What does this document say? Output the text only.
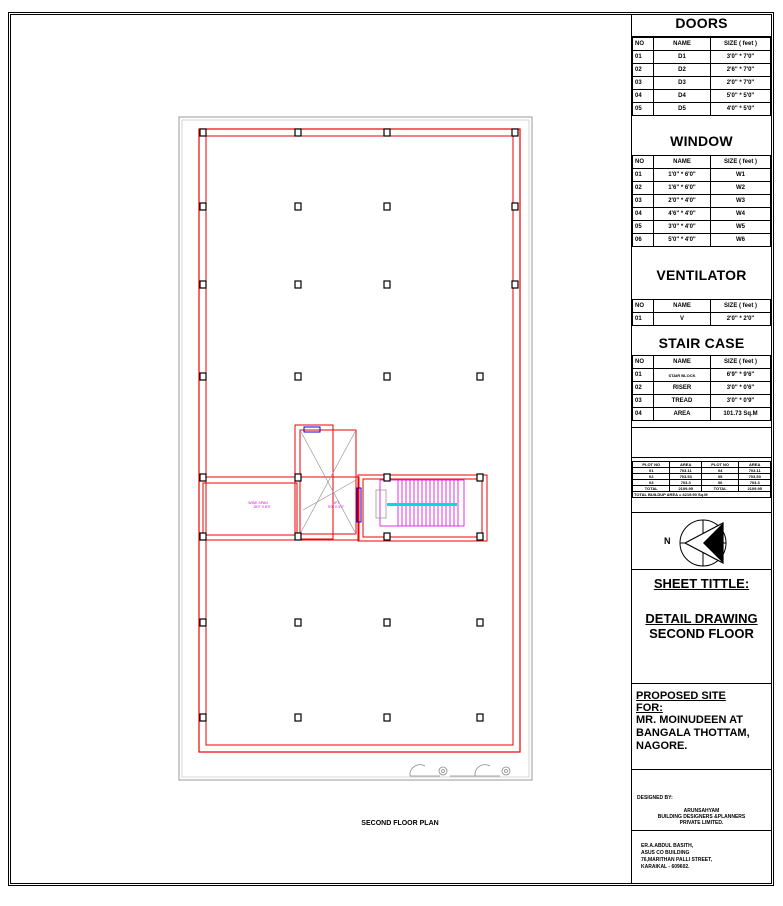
WIDE SPAN
15'0" X 8'0"
LIFT
5'0" X 5'0"
SECOND FLOOR PLAN
DOORS
NO	NAME	SIZE ( feet )
01	D1	3'0" * 7'0"
02	D2	2'6" * 7'0"
03	D3	2'0" * 7'0"
04	D4	5'0" * 5'0"
05	D5	4'0" * 5'0"
WINDOW
NO	NAME	SIZE ( feet )
01	1'0" * 6'0"	W1
02	1'6" * 6'0"	W2
03	2'0" * 4'0"	W3
04	4'6" * 4'0"	W4
05	3'0" * 4'0"	W5
06	5'0" * 4'0"	W6
VENTILATOR
NO	NAME	SIZE ( feet )
01	V	2'0" * 2'0"
STAIR CASE
NO	NAME	SIZE ( feet )
01	STAIR BLOCK	6'9" * 9'6"
02	RISER	3'0" * 0'6"
03	TREAD	3'0" * 0'9"
04	AREA	101.73 Sq.M
PLOT NO	AREA	PLOT NO	AREA
01	703.11	04	703.11
02	703.53	05	703.53
03	703.3	06	703.3
TOTAL	2109.95	TOTAL	2109.95
TOTAL BUILDUP AREA = 4219.90 Sq.M			
N
SHEET TITTLE:
DETAIL DRAWING
SECOND FLOOR
PROPOSED SITE
FOR:
MR. MOINUDEEN AT
BANGALA THOTTAM,
NAGORE.
DESIGNED BY:
ARUNSAHYAM
BUILDING DESIGNERS &PLANNERS
PRIVATE LIMITED.
ER.A.ABDUL BASITH,
ASUS CO BUILDING
76,MARITHAN PALLI STREET,
KARAIKAL - 609602.
